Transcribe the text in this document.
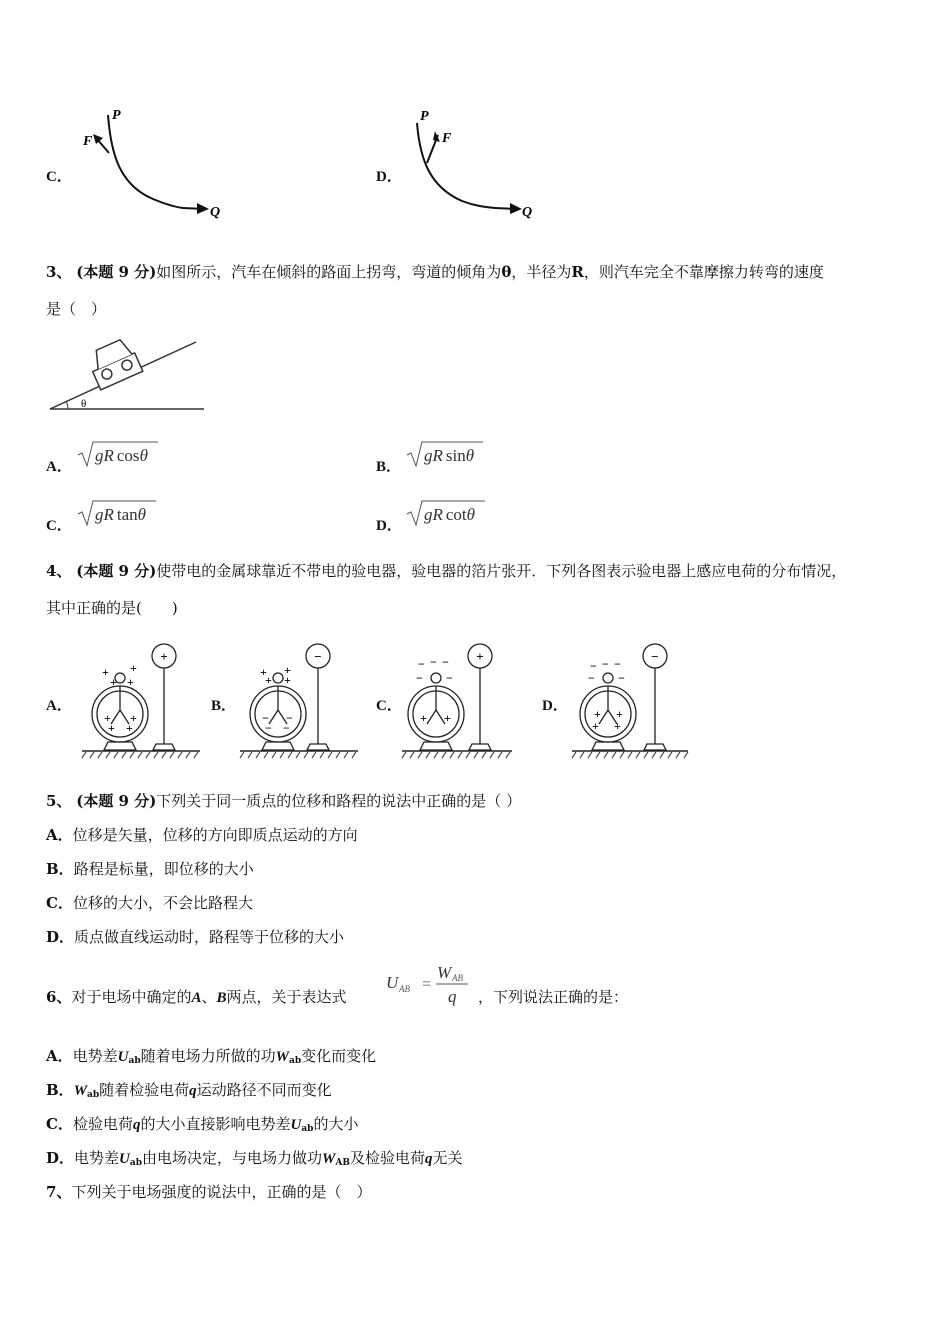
C．
P
F
Q
D．
P
F
Q
3、 (本题 9 分)如图所示，汽车在倾斜的路面上拐弯，弯道的倾角为θ，半径为R，则汽车完全不靠摩擦力转弯的速度
是（　）
θ
A．
gR cosθ
B．
gR sinθ
C．
gR tanθ
D．
gR cotθ
4、 (本题 9 分)使带电的金属球靠近不带电的验电器，验电器的箔片张开．下列各图表示验电器上感应电荷的分布情况，
其中正确的是(　　)
A．
+
+ +
+ +
+ +
+ +
B．
−
+ +
+ +
− −
− −
C．
+
− − −
− −
+ +
D．
−
− − −
− −
+ +
+ +
5、 (本题 9 分)下列关于同一质点的位移和路程的说法中正确的是（ ）
A．位移是矢量，位移的方向即质点运动的方向
B．路程是标量，即位移的大小
C．位移的大小，不会比路程大
D．质点做直线运动时，路程等于位移的大小
6、对于电场中确定的A、B两点，关于表达式
U AB =
W AB
q ，下列说法正确的是：
A．电势差$U_{ab}$随着电场力所做的功$W_{ab}$变化而变化
B．$W_{ab}$随着检验电荷q运动路径不同而变化
C．检验电荷q的大小直接影响电势差$U_{ab}$的大小
D．电势差$U_{ab}$由电场决定，与电场力做功$W_{AB}$及检验电荷q无关
7、下列关于电场强度的说法中，正确的是（　）
